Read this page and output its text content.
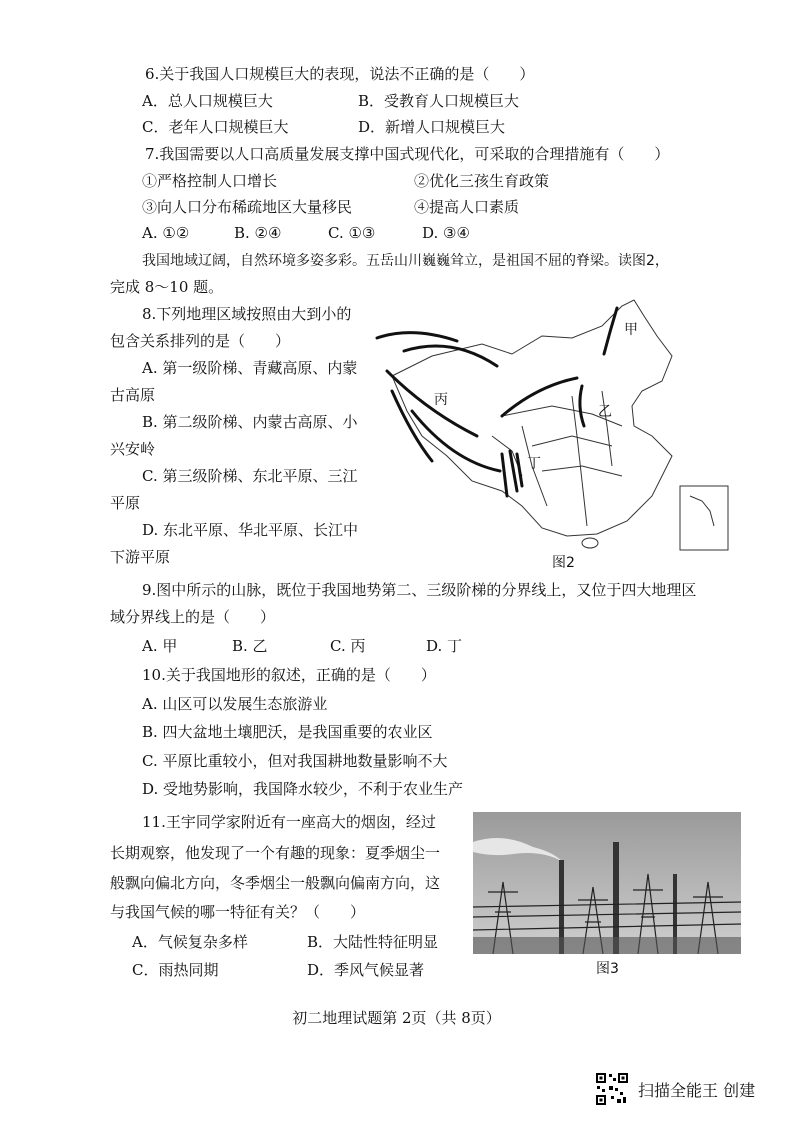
6.关于我国人口规模巨大的表现，说法不正确的是（　　）
A．总人口规模巨大	B．受教育人口规模巨大
C．老年人口规模巨大	D．新增人口规模巨大
7.我国需要以人口高质量发展支撑中国式现代化，可采取的合理措施有（　　）
①严格控制人口增长	②优化三孩生育政策
③向人口分布稀疏地区大量移民	④提高人口素质
A. ①②	B. ②④	C. ①③	D. ③④
我国地域辽阔，自然环境多姿多彩。五岳山川巍巍耸立，是祖国不屈的脊梁。读图2，
完成 8～10 题。
8.下列地理区域按照由大到小的
包含关系排列的是（　　）
A. 第一级阶梯、青藏高原、内蒙
古高原
B. 第二级阶梯、内蒙古高原、小
兴安岭
C. 第三级阶梯、东北平原、三江
平原
D. 东北平原、华北平原、长江中
下游平原
甲
乙
丙
丁
图2
9.图中所示的山脉，既位于我国地势第二、三级阶梯的分界线上，又位于四大地理区
域分界线上的是（　　）
A. 甲	B. 乙	C. 丙	D. 丁
10.关于我国地形的叙述，正确的是（　　）
A. 山区可以发展生态旅游业
B. 四大盆地土壤肥沃，是我国重要的农业区
C. 平原比重较小，但对我国耕地数量影响不大
D. 受地势影响，我国降水较少，不利于农业生产
11.王宇同学家附近有一座高大的烟囱，经过
长期观察，他发现了一个有趣的现象：夏季烟尘一
般飘向偏北方向，冬季烟尘一般飘向偏南方向，这
与我国气候的哪一特征有关？（　　）
A．气候复杂多样	B．大陆性特征明显
C．雨热同期	D．季风气候显著	图3
初二地理试题第 2页（共 8页）
扫描全能王 创建
